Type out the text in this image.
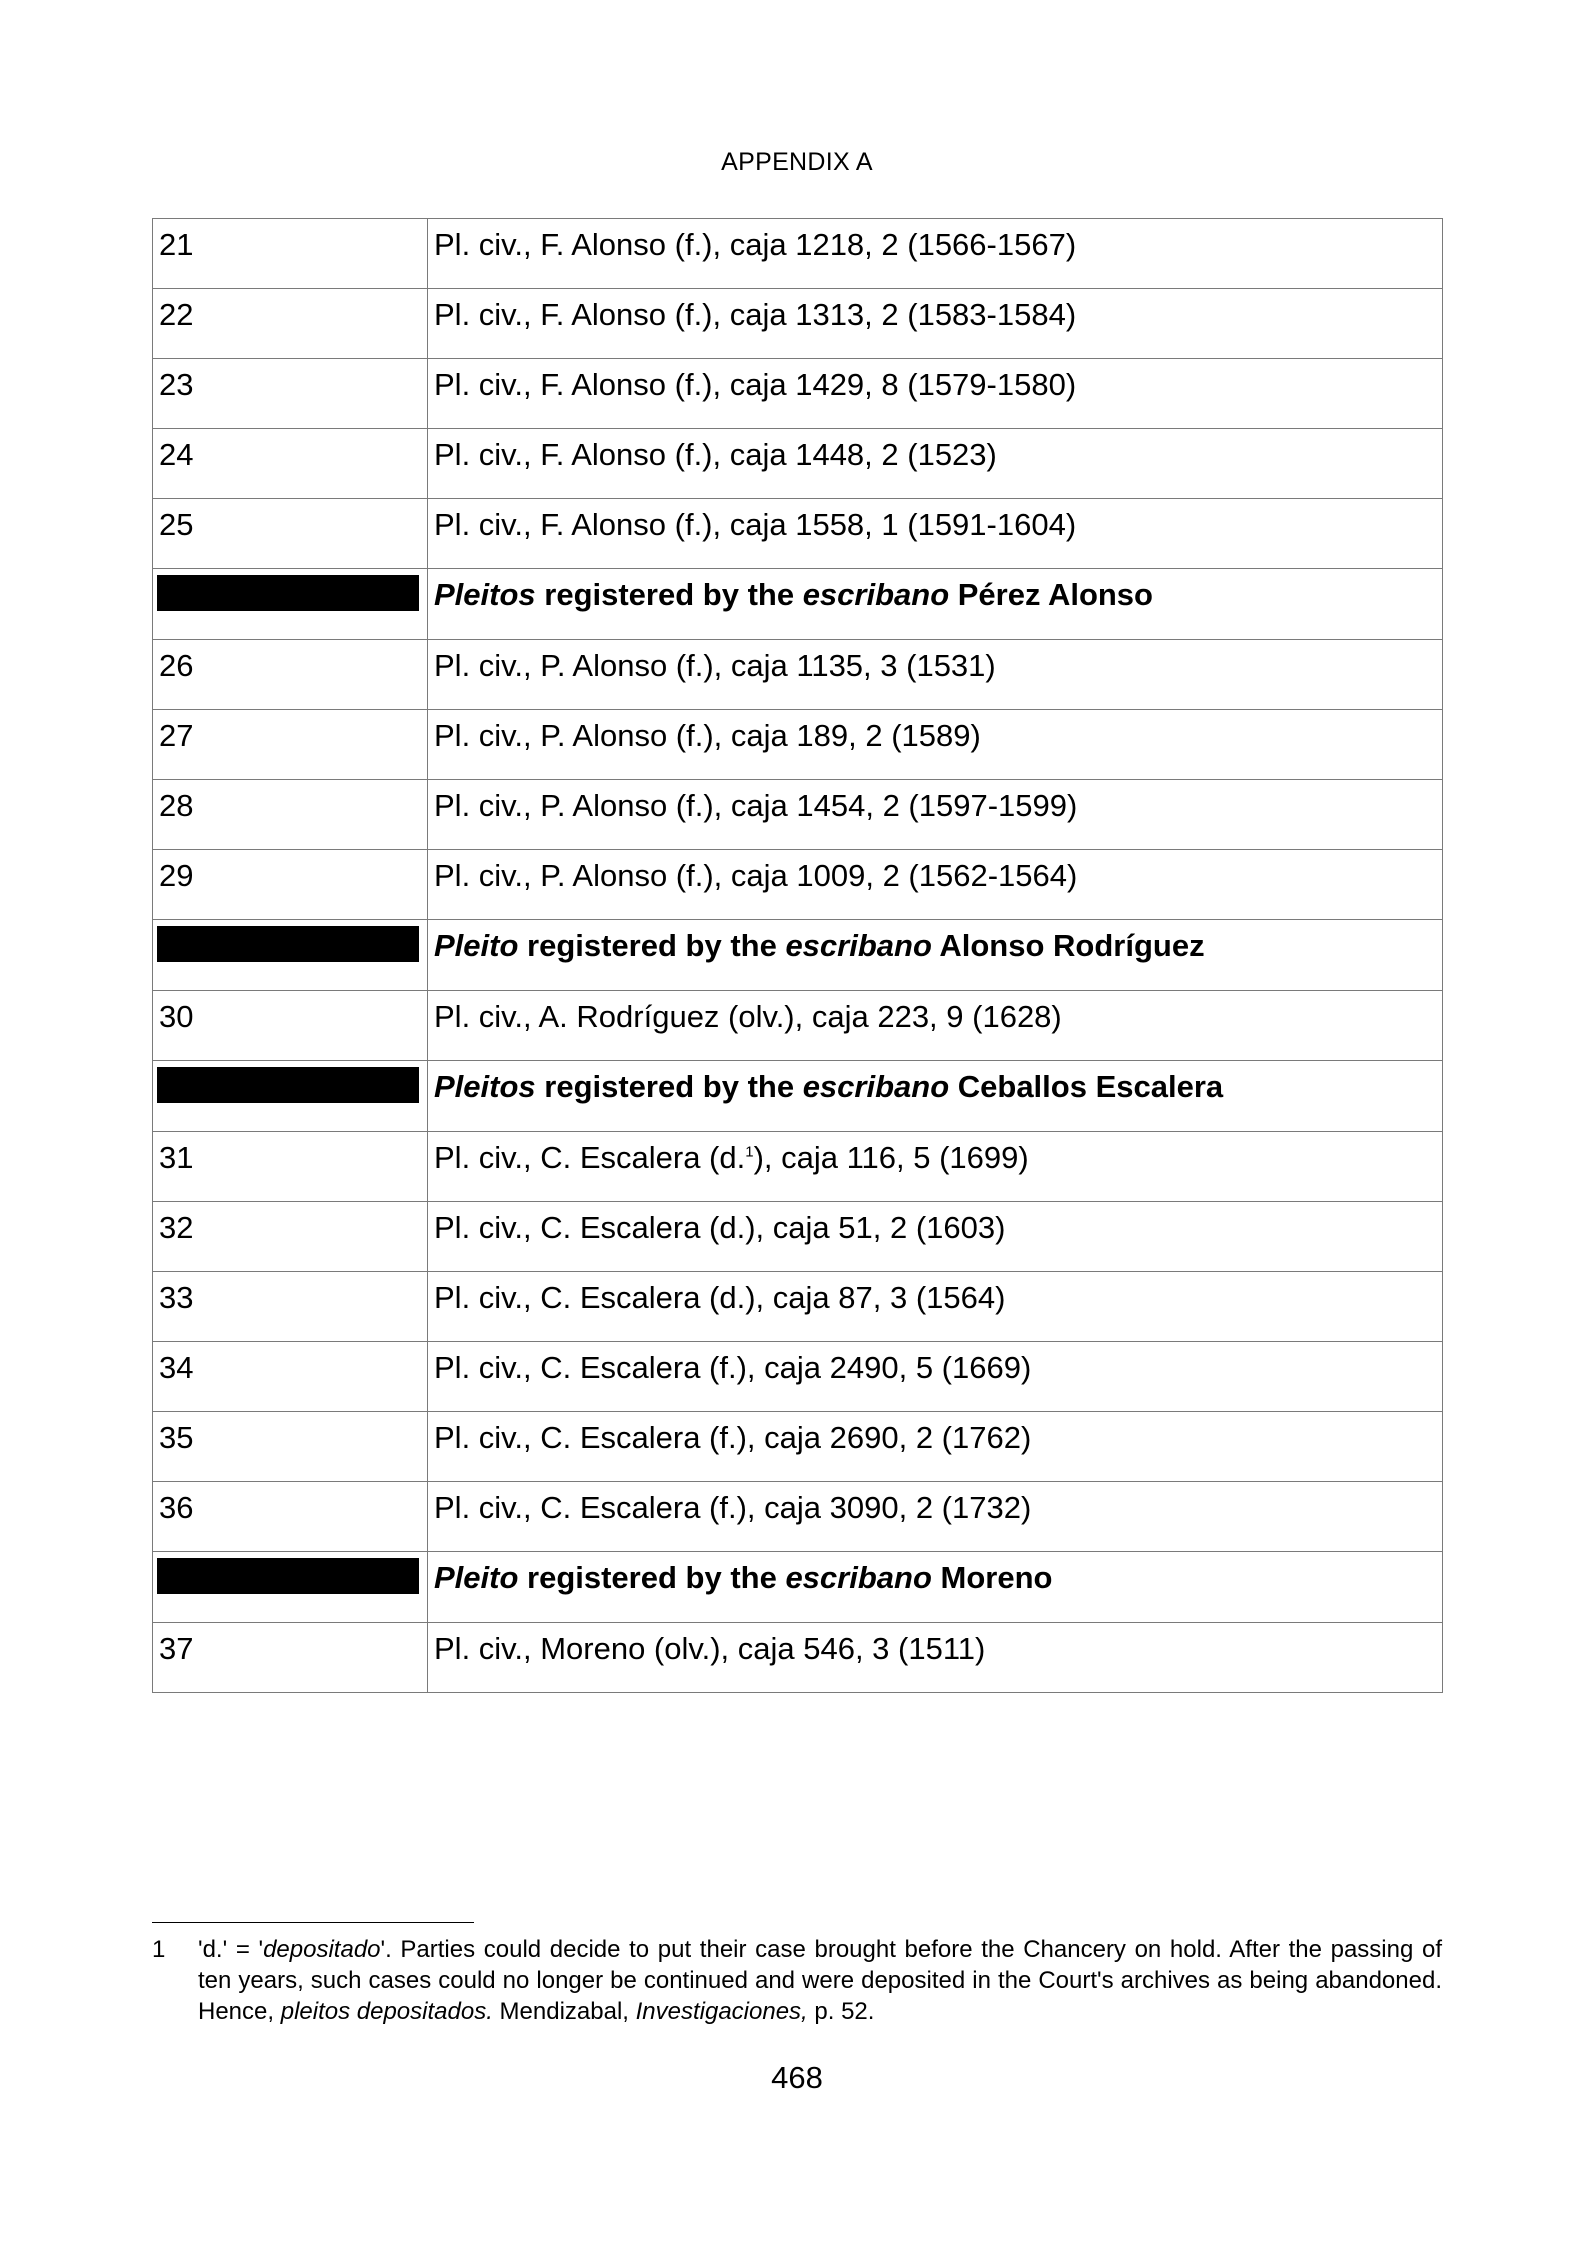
APPENDIX A
21	Pl. civ., F. Alonso (f.), caja 1218, 2 (1566-1567)
22	Pl. civ., F. Alonso (f.), caja 1313, 2 (1583-1584)
23	Pl. civ., F. Alonso (f.), caja 1429, 8 (1579-1580)
24	Pl. civ., F. Alonso (f.), caja 1448, 2 (1523)
25	Pl. civ., F. Alonso (f.), caja 1558, 1 (1591-1604)

	Pleitos registered by the escribano Pérez Alonso
26	Pl. civ., P. Alonso (f.), caja 1135, 3 (1531)
27	Pl. civ., P. Alonso (f.), caja 189, 2 (1589)
28	Pl. civ., P. Alonso (f.), caja 1454, 2 (1597-1599)
29	Pl. civ., P. Alonso (f.), caja 1009, 2 (1562-1564)

	Pleito registered by the escribano Alonso Rodríguez
30	Pl. civ., A. Rodríguez (olv.), caja 223, 9 (1628)

	Pleitos registered by the escribano Ceballos Escalera
31	Pl. civ., C. Escalera (d.$^1$), caja 116, 5 (1699)
32	Pl. civ., C. Escalera (d.), caja 51, 2 (1603)
33	Pl. civ., C. Escalera (d.), caja 87, 3 (1564)
34	Pl. civ., C. Escalera (f.), caja 2490, 5 (1669)
35	Pl. civ., C. Escalera (f.), caja 2690, 2 (1762)
36	Pl. civ., C. Escalera (f.), caja 3090, 2 (1732)

	Pleito registered by the escribano Moreno
37	Pl. civ., Moreno (olv.), caja 546, 3 (1511)
1 'd.' = 'depositado'. Parties could decide to put their case brought before the Chancery on hold. After the passing of ten years, such cases could no longer be continued and were deposited in the Court's archives as being abandoned. Hence, pleitos depositados. Mendizabal, Investigaciones, p. 52.
468
